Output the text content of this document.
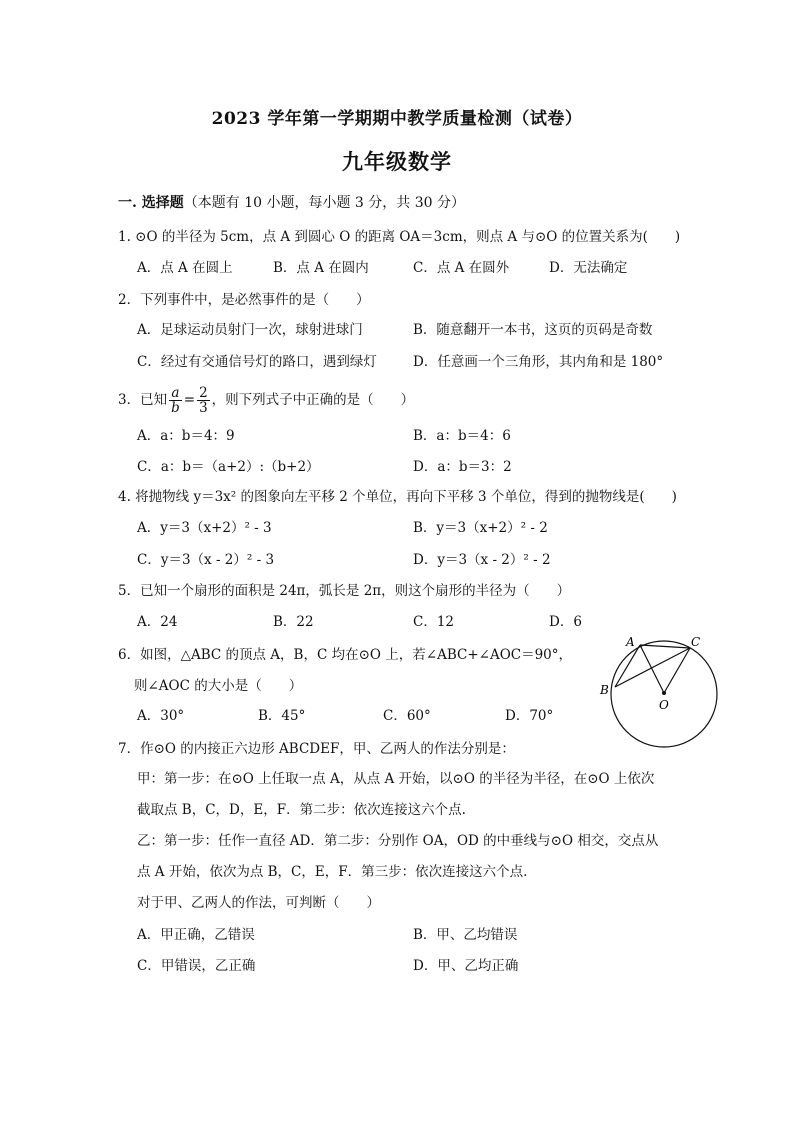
2023 学年第一学期期中教学质量检测（试卷）
九年级数学
一. 选择题（本题有 10 小题，每小题 3 分，共 30 分）
1. ⊙O 的半径为 5cm，点 A 到圆心 O 的距离 OA＝3cm，则点 A 与⊙O 的位置关系为(　　)
A．点 A 在圆上	B．点 A 在圆内	C．点 A 在圆外	D．无法确定
2．下列事件中，是必然事件的是（　　）
A．足球运动员射门一次，球射进球门	B．随意翻开一本书，这页的页码是奇数
C．经过有交通信号灯的路口，遇到绿灯	D．任意画一个三角形，其内角和是 180°
3．已知 $\frac{a}{b} = \frac{2}{3}$ ，则下列式子中正确的是（　　）
A．a：b＝4：9	B．a：b＝4：6
C．a：b＝（a+2）:（b+2）	D．a：b＝3：2
4. 将抛物线 y＝3x² 的图象向左平移 2 个单位，再向下平移 3 个单位，得到的抛物线是(　　)
A．y＝3（x+2）² - 3	B．y＝3（x+2）² - 2
C．y＝3（x - 2）² - 3	D．y＝3（x - 2）² - 2
5．已知一个扇形的面积是 24π，弧长是 2π，则这个扇形的半径为（　　）
A．24	B．22	C．12	D．6
6．如图，△ABC 的顶点 A，B，C 均在⊙O 上，若∠ABC+∠AOC＝90°，
则∠AOC 的大小是（　　）
A．30°	B．45°	C．60°	D．70°
A	C
B
O
7．作⊙O 的内接正六边形 ABCDEF，甲、乙两人的作法分别是：
甲：第一步：在⊙O 上任取一点 A，从点 A 开始，以⊙O 的半径为半径，在⊙O 上依次
截取点 B，C，D，E，F．第二步：依次连接这六个点.
乙：第一步：任作一直径 AD．第二步：分别作 OA，OD 的中垂线与⊙O 相交，交点从
点 A 开始，依次为点 B，C，E，F．第三步：依次连接这六个点.
对于甲、乙两人的作法，可判断（　　）
A．甲正确，乙错误	B．甲、乙均错误
C．甲错误，乙正确	D．甲、乙均正确
